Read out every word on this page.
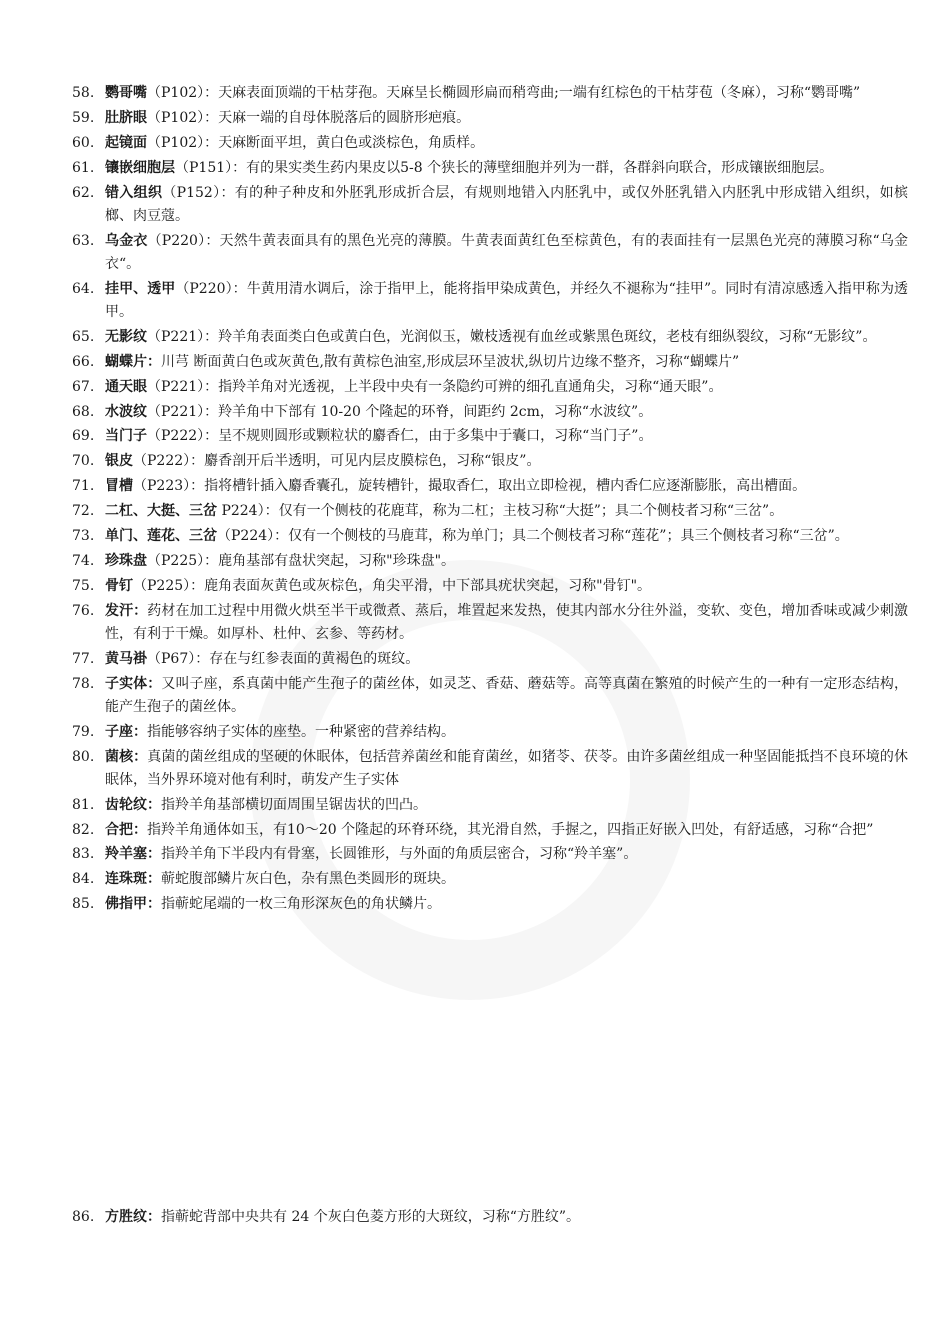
58. 鹦哥嘴（P102）：天麻表面顶端的干枯芽孢。天麻呈长椭圆形扁而稍弯曲;一端有红棕色的干枯芽苞（冬麻），习称“鹦哥嘴”
59. 肚脐眼（P102）：天麻一端的自母体脱落后的圆脐形疤痕。
60. 起镜面（P102）：天麻断面平坦，黄白色或淡棕色，角质样。
61. 镶嵌细胞层（P151）：有的果实类生药内果皮以5-8 个狭长的薄壁细胞并列为一群，各群斜向联合，形成镶嵌细胞层。
62. 错入组织（P152）：有的种子种皮和外胚乳形成折合层，有规则地错入内胚乳中，或仅外胚乳错入内胚乳中形成错入组织，如槟榔、肉豆蔻。
63. 乌金衣（P220）：天然牛黄表面具有的黑色光亮的薄膜。牛黄表面黄红色至棕黄色，有的表面挂有一层黑色光亮的薄膜习称“乌金衣“。
64. 挂甲、透甲（P220）：牛黄用清水调后，涂于指甲上，能将指甲染成黄色，并经久不褪称为“挂甲”。同时有清凉感透入指甲称为透甲。
65. 无影纹（P221）：羚羊角表面类白色或黄白色，光润似玉，嫩枝透视有血丝或紫黑色斑纹，老枝有细纵裂纹，习称“无影纹”。
66. 蝴蝶片：川芎 断面黄白色或灰黄色,散有黄棕色油室,形成层环呈波状,纵切片边缘不整齐，习称“蝴蝶片”
67. 通天眼（P221）：指羚羊角对光透视，上半段中央有一条隐约可辨的细孔直通角尖，习称“通天眼”。
68. 水波纹（P221）：羚羊角中下部有 10-20 个隆起的环脊，间距约 2cm，习称“水波纹”。
69. 当门子（P222）：呈不规则圆形或颗粒状的麝香仁，由于多集中于囊口，习称“当门子”。
70. 银皮（P222）：麝香剖开后半透明，可见内层皮膜棕色，习称“银皮”。
71. 冒槽（P223）：指将槽针插入麝香囊孔，旋转槽针，撮取香仁，取出立即检视，槽内香仁应逐渐膨胀，高出槽面。
72. 二杠、大挺、三岔 P224）：仅有一个侧枝的花鹿茸，称为二杠；主枝习称“大挺”；具二个侧枝者习称“三岔”。
73. 单门、莲花、三岔（P224）：仅有一个侧枝的马鹿茸，称为单门；具二个侧枝者习称“莲花”；具三个侧枝者习称“三岔”。
74. 珍珠盘（P225）：鹿角基部有盘状突起，习称"珍珠盘"。
75. 骨钉（P225）：鹿角表面灰黄色或灰棕色，角尖平滑，中下部具疣状突起，习称"骨钉"。
76. 发汗：药材在加工过程中用微火烘至半干或微煮、蒸后，堆置起来发热，使其内部水分往外溢，变软、变色，增加香味或减少刺激性，有利于干燥。如厚朴、杜仲、玄参、等药材。
77. 黄马褂（P67）：存在与红参表面的黄褐色的斑纹。
78. 子实体：又叫子座，系真菌中能产生孢子的菌丝体，如灵芝、香菇、蘑菇等。高等真菌在繁殖的时候产生的一种有一定形态结构，能产生孢子的菌丝体。
79. 子座：指能够容纳子实体的座垫。一种紧密的营养结构。
80. 菌核：真菌的菌丝组成的坚硬的休眠体，包括营养菌丝和能育菌丝，如猪苓、茯苓。由许多菌丝组成一种坚固能抵挡不良环境的休眠体，当外界环境对他有利时，萌发产生子实体
81. 齿轮纹：指羚羊角基部横切面周围呈锯齿状的凹凸。
82. 合把：指羚羊角通体如玉，有10～20 个隆起的环脊环绕，其光滑自然，手握之，四指正好嵌入凹处，有舒适感，习称“合把”
83. 羚羊塞：指羚羊角下半段内有骨塞，长圆锥形，与外面的角质层密合，习称“羚羊塞”。
84. 连珠斑：蕲蛇腹部鳞片灰白色，杂有黑色类圆形的斑块。
85. 佛指甲：指蕲蛇尾端的一枚三角形深灰色的角状鳞片。
86. 方胜纹：指蕲蛇背部中央共有 24 个灰白色菱方形的大斑纹，习称“方胜纹”。
